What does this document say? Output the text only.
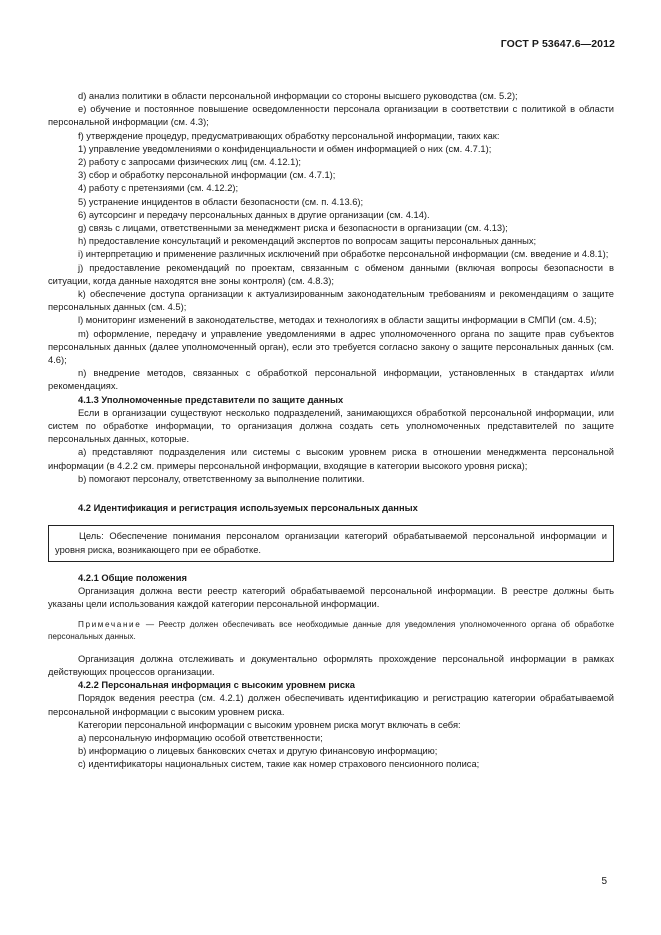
ГОСТ Р 53647.6—2012

d) анализ политики в области персональной информации со стороны высшего руководства (см. 5.2);

e) обучение и постоянное повышение осведомленности персонала организации в соответствии с политикой в области персональной информации (см. 4.3);

f) утверждение процедур, предусматривающих обработку персональной информации, таких как:

1) управление уведомлениями о конфиденциальности и обмен информацией о них (см. 4.7.1);

2) работу с запросами физических лиц (см. 4.12.1);

3) сбор и обработку персональной информации (см. 4.7.1);

4) работу с претензиями (см. 4.12.2);

5) устранение инцидентов в области безопасности (см. п. 4.13.6);

6) аутсорсинг и передачу персональных данных в другие организации (см. 4.14).

g) связь с лицами, ответственными за менеджмент риска и безопасности в организации (см. 4.13);

h) предоставление консультаций и рекомендаций экспертов по вопросам защиты персональных данных;

i) интерпретацию и применение различных исключений при обработке персональной информации (см. введение и 4.8.1);

j) предоставление рекомендаций по проектам, связанным с обменом данными (включая вопросы безопасности в ситуации, когда данные находятся вне зоны контроля) (см. 4.8.3);

k) обеспечение доступа организации к актуализированным законодательным требованиям и рекомендациям о защите персональных данных (см. 4.5);

l) мониторинг изменений в законодательстве, методах и технологиях в области защиты информации в СМПИ (см. 4.5);

m) оформление, передачу и управление уведомлениями в адрес уполномоченного органа по защите прав субъектов персональных данных (далее уполномоченный орган), если это требуется согласно закону о защите персональных данных (см. 4.6);

n) внедрение методов, связанных с обработкой персональной информации, установленных в стандартах и/или рекомендациях.

4.1.3 Уполномоченные представители по защите данных

Если в организации существуют несколько подразделений, занимающихся обработкой персональной информации, или систем по обработке информации, то организация должна создать сеть уполномоченных представителей по защите персональных данных, которые.

a) представляют подразделения или системы с высоким уровнем риска в отношении менеджмента персональной информации (в 4.2.2 см. примеры персональной информации, входящие в категории высокого уровня риска);

b) помогают персоналу, ответственному за выполнение политики.

4.2 Идентификация и регистрация используемых персональных данных

Цель: Обеспечение понимания персоналом организации категорий обрабатываемой персональной информации и уровня риска, возникающего при ее обработке.

4.2.1 Общие положения

Организация должна вести реестр категорий обрабатываемой персональной информации. В реестре должны быть указаны цели использования каждой категории персональной информации.

Примечание — Реестр должен обеспечивать все необходимые данные для уведомления уполномоченного органа об обработке персональных данных.

Организация должна отслеживать и документально оформлять прохождение персональной информации в рамках действующих процессов организации.

4.2.2 Персональная информация с высоким уровнем риска

Порядок ведения реестра (см. 4.2.1) должен обеспечивать идентификацию и регистрацию категории обрабатываемой персональной информации с высоким уровнем риска.

Категории персональной информации с высоким уровнем риска могут включать в себя:

a) персональную информацию особой ответственности;

b) информацию о лицевых банковских счетах и другую финансовую информацию;

c) идентификаторы национальных систем, такие как номер страхового пенсионного полиса;

5
